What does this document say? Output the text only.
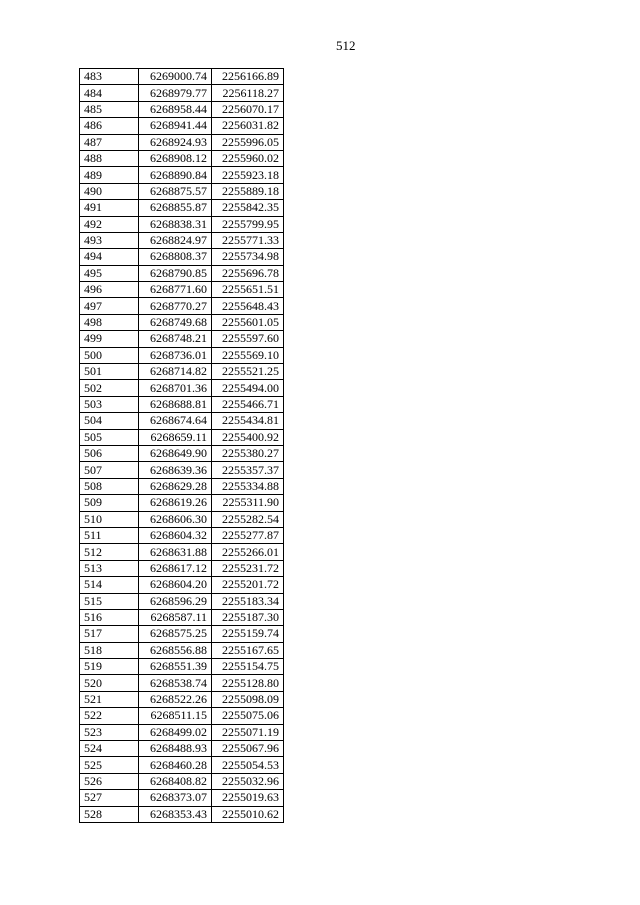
512
483	6269000.74	2256166.89
484	6268979.77	2256118.27
485	6268958.44	2256070.17
486	6268941.44	2256031.82
487	6268924.93	2255996.05
488	6268908.12	2255960.02
489	6268890.84	2255923.18
490	6268875.57	2255889.18
491	6268855.87	2255842.35
492	6268838.31	2255799.95
493	6268824.97	2255771.33
494	6268808.37	2255734.98
495	6268790.85	2255696.78
496	6268771.60	2255651.51
497	6268770.27	2255648.43
498	6268749.68	2255601.05
499	6268748.21	2255597.60
500	6268736.01	2255569.10
501	6268714.82	2255521.25
502	6268701.36	2255494.00
503	6268688.81	2255466.71
504	6268674.64	2255434.81
505	6268659.11	2255400.92
506	6268649.90	2255380.27
507	6268639.36	2255357.37
508	6268629.28	2255334.88
509	6268619.26	2255311.90
510	6268606.30	2255282.54
511	6268604.32	2255277.87
512	6268631.88	2255266.01
513	6268617.12	2255231.72
514	6268604.20	2255201.72
515	6268596.29	2255183.34
516	6268587.11	2255187.30
517	6268575.25	2255159.74
518	6268556.88	2255167.65
519	6268551.39	2255154.75
520	6268538.74	2255128.80
521	6268522.26	2255098.09
522	6268511.15	2255075.06
523	6268499.02	2255071.19
524	6268488.93	2255067.96
525	6268460.28	2255054.53
526	6268408.82	2255032.96
527	6268373.07	2255019.63
528	6268353.43	2255010.62
